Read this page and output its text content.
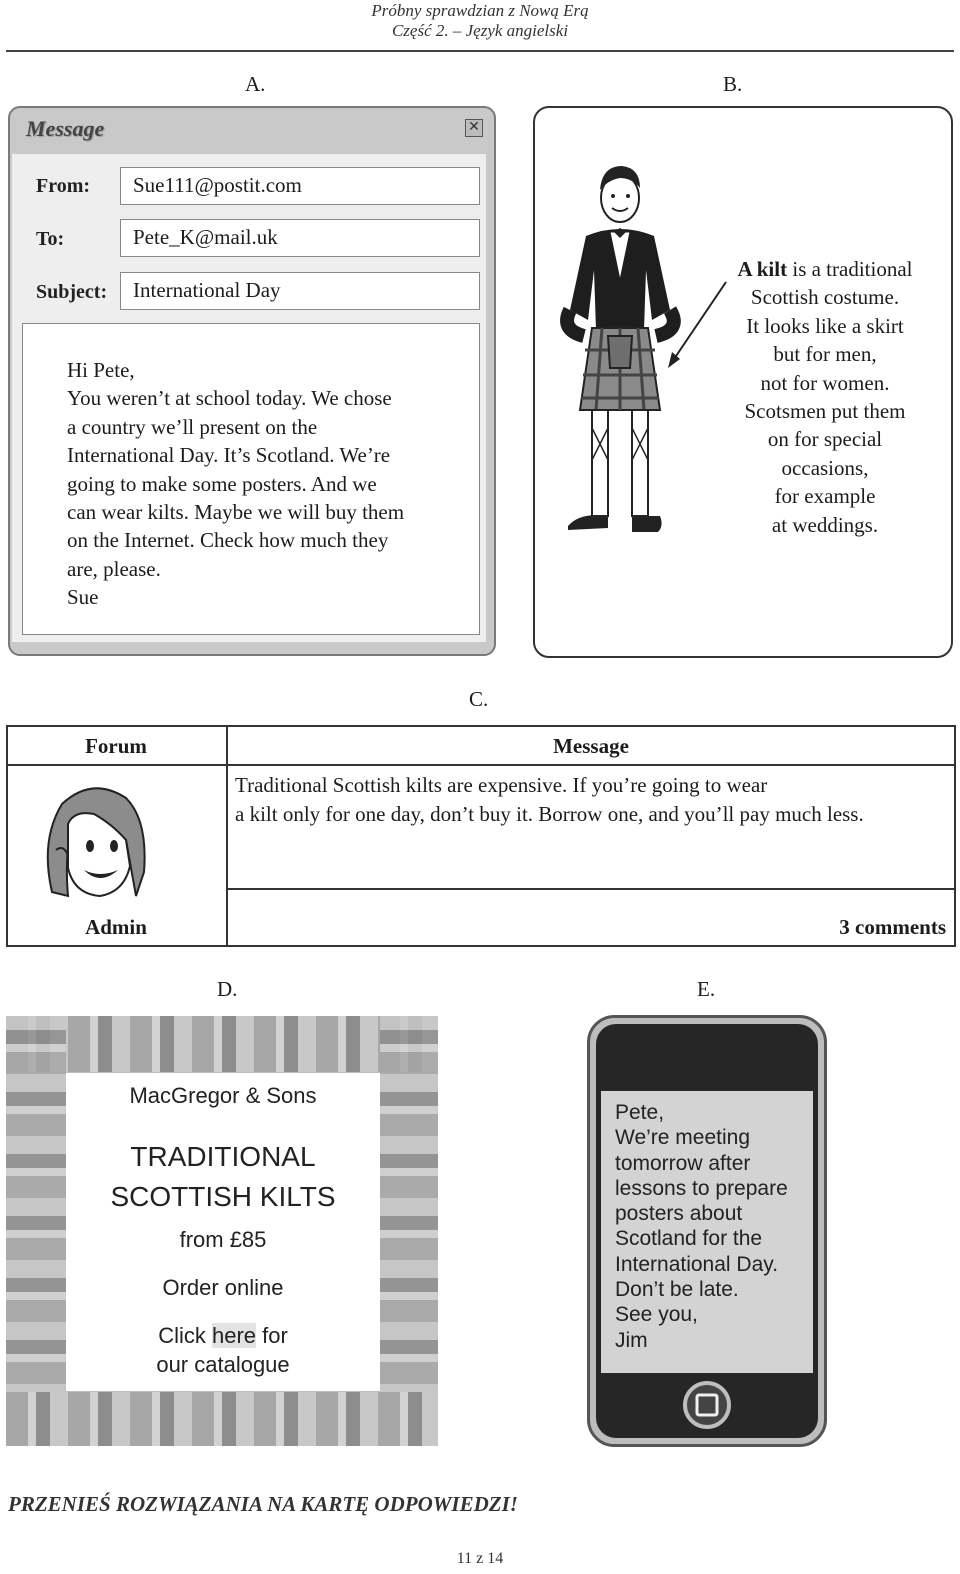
Próbny sprawdzian z Nową Erą
Część 2. – Język angielski
A.	B.
C.
D.	E.
Message	✕
From:	Sue111@postit.com
To:	Pete_K@mail.uk
Subject:	International Day
Hi Pete,
You weren’t at school today. We chose
a country we’ll present on the
International Day. It’s Scotland. We’re
going to make some posters. And we
can wear kilts. Maybe we will buy them
on the Internet. Check how much they
are, please.
Sue
A kilt is a traditional
Scottish costume.
It looks like a skirt
but for men,
not for women.
Scotsmen put them
on for special
occasions,
for example
at weddings.
Forum	Message
Traditional Scottish kilts are expensive. If you’re going to wear
a kilt only for one day, don’t buy it. Borrow one, and you’ll pay much less.
Admin	3 comments
MacGregor & Sons
TRADITIONAL
SCOTTISH KILTS
from £85
Order online
Click here for
our catalogue
Pete,
We’re meeting
tomorrow after
lessons to prepare
posters about
Scotland for the
International Day.
Don’t be late.
See you,
Jim
PRZENIEŚ ROZWIĄZANIA NA KARTĘ ODPOWIEDZI!
11 z 14
